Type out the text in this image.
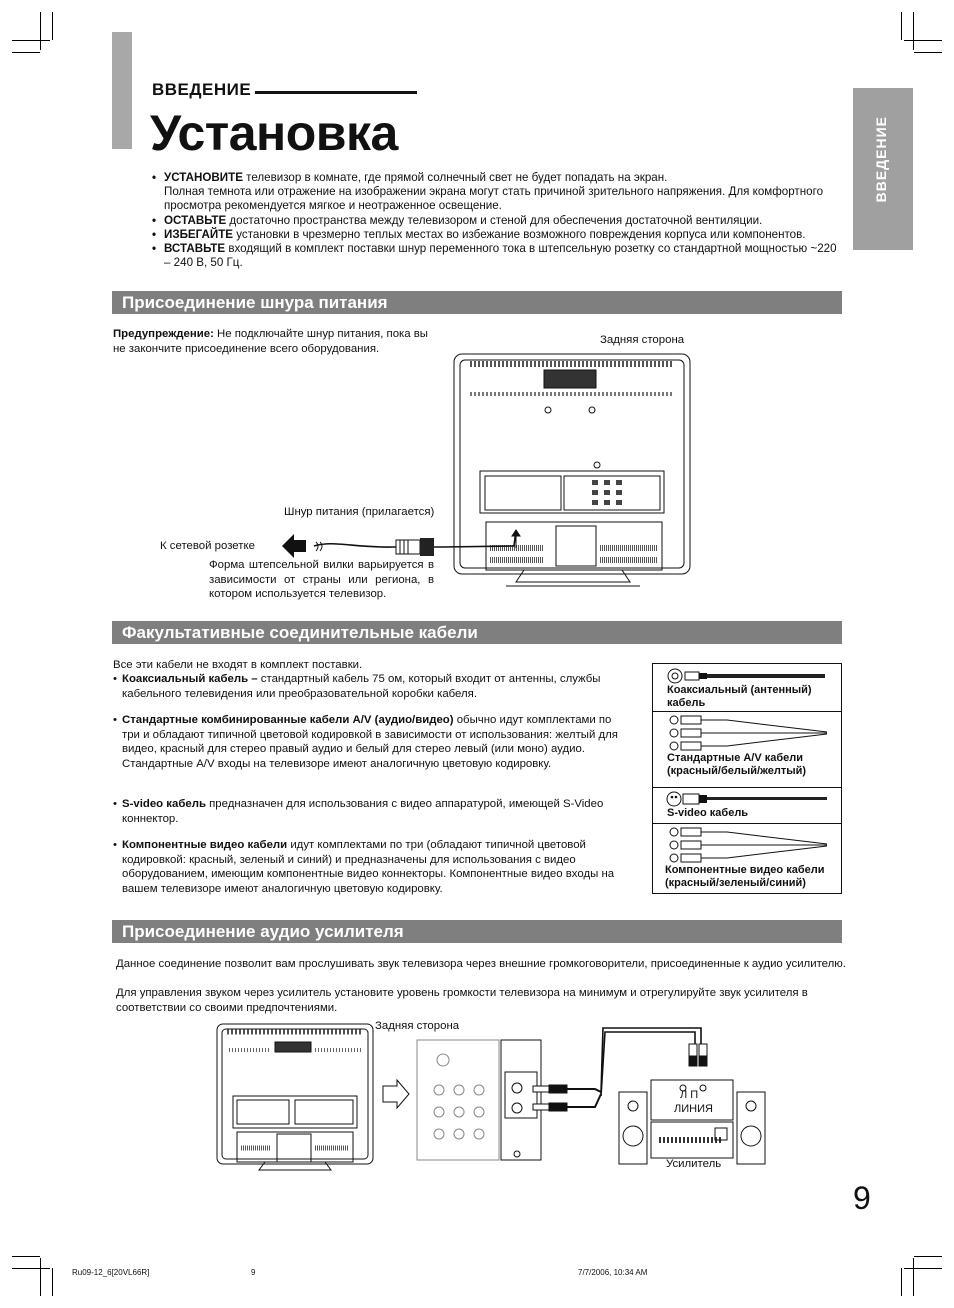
ВВЕДЕНИЕ
ВВЕДЕНИЕ
Установка
• УСТАНОВИТЕ телевизор в комнате, где прямой солнечный свет не будет попадать на экран.
Полная темнота или отражение на изображении экрана могут стать причиной зрительного напряжения. Для комфортного просмотра рекомендуется мягкое и неотраженное освещение.
• ОСТАВЬТЕ достаточно пространства между телевизором и стеной для обеспечения достаточной вентиляции.
• ИЗБЕГАЙТЕ установки в чрезмерно теплых местах во избежание возможного повреждения корпуса или компонентов.
• ВСТАВЬТЕ входящий в комплект поставки шнур переменного тока в штепсельную розетку со стандартной мощностью ~220 – 240 В, 50 Гц.
Присоединение шнура питания
Предупреждение: Не подключайте шнур питания, пока вы не закончите присоединение всего оборудования.
Задняя сторона
Шнур питания (прилагается)
К сетевой розетке
Форма штепсельной вилки варьируется в зависимости от страны или региона, в котором используется телевизор.
Факультативные соединительные кабели
Все эти кабели не входят в комплект поставки.
• Коаксиальный кабель – стандартный кабель 75 ом, который входит от антенны, службы кабельного телевидения или преобразовательной коробки кабеля.
• Стандартные комбинированные кабели A/V (аудио/видео) обычно идут комплектами по три и обладают типичной цветовой кодировкой в зависимости от использования: желтый для видео, красный для стерео правый аудио и белый для стерео левый (или моно) аудио. Стандартные A/V входы на телевизоре имеют аналогичную цветовую кодировку.
• S-video кабель предназначен для использования с видео аппаратурой, имеющей S-Video коннектор.
• Компонентные видео кабели идут комплектами по три (обладают типичной цветовой кодировкой: красный, зеленый и синий) и предназначены для использования с видео оборудованием, имеющим компонентные видео коннекторы. Компонентные видео входы на вашем телевизоре имеют аналогичную цветовую кодировку.
Коаксиальный (антенный) кабель
Стандартные A/V кабели (красный/белый/желтый)
S-video кабель
Компонентные видео кабели (красный/зеленый/синий)
Присоединение аудио усилителя
Данное соединение позволит вам прослушивать звук телевизора через внешние громкоговорители, присоединенные к аудио усилителю.
Для управления звуком через усилитель установите уровень громкости телевизора на минимум и отрегулируйте звук усилителя в соответствии со своими предпочтениями.
Задняя сторона
Л П
ЛИНИЯ
Усилитель
9
Ru09-12_6[20VL66R]	9	7/7/2006, 10:34 AM
